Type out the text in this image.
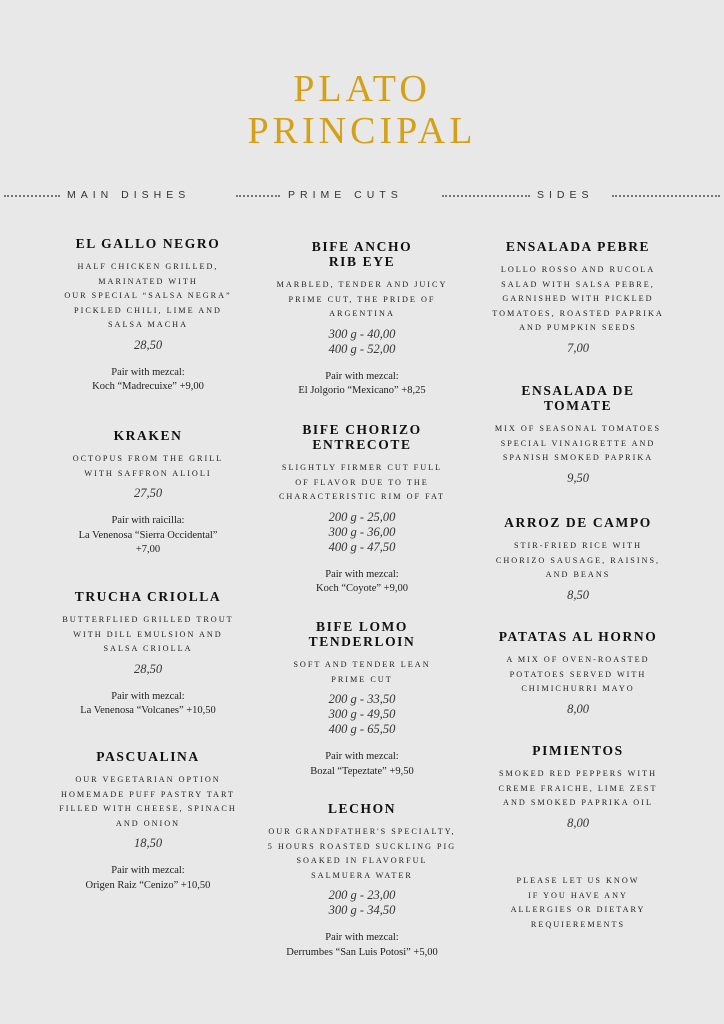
PLATO
PRINCIPAL
MAIN DISHES	PRIME CUTS	SIDES
EL GALLO NEGRO
HALF CHICKEN GRILLED,
MARINATED WITH
OUR SPECIAL “SALSA NEGRA”
PICKLED CHILI, LIME AND
SALSA MACHA
28,50
Pair with mezcal:
Koch “Madrecuixe” +9,00
KRAKEN
OCTOPUS FROM THE GRILL
WITH SAFFRON ALIOLI
27,50
Pair with raicilla:
La Venenosa “Sierra Occidental”
+7,00
TRUCHA CRIOLLA
BUTTERFLIED GRILLED TROUT
WITH DILL EMULSION AND
SALSA CRIOLLA
28,50
Pair with mezcal:
La Venenosa “Volcanes” +10,50
PASCUALINA
OUR VEGETARIAN OPTION
HOMEMADE PUFF PASTRY TART
FILLED WITH CHEESE, SPINACH
AND ONION
18,50
Pair with mezcal:
Origen Raiz “Cenizo” +10,50
BIFE ANCHO
RIB EYE
MARBLED, TENDER AND JUICY
PRIME CUT, THE PRIDE OF
ARGENTINA
300 g - 40,00
400 g - 52,00
Pair with mezcal:
El Jolgorio “Mexicano” +8,25
BIFE CHORIZO
ENTRECOTE
SLIGHTLY FIRMER CUT FULL
OF FLAVOR DUE TO THE
CHARACTERISTIC RIM OF FAT
200 g - 25,00
300 g - 36,00
400 g - 47,50
Pair with mezcal:
Koch “Coyote” +9,00
BIFE LOMO
TENDERLOIN
SOFT AND TENDER LEAN
PRIME CUT
200 g - 33,50
300 g - 49,50
400 g - 65,50
Pair with mezcal:
Bozal “Tepeztate” +9,50
LECHON
OUR GRANDFATHER'S SPECIALTY,
5 HOURS ROASTED SUCKLING PIG
SOAKED IN FLAVORFUL
SALMUERA WATER
200 g - 23,00
300 g - 34,50
Pair with mezcal:
Derrumbes “San Luis Potosi” +5,00
ENSALADA PEBRE
LOLLO ROSSO AND RUCOLA
SALAD WITH SALSA PEBRE,
GARNISHED WITH PICKLED
TOMATOES, ROASTED PAPRIKA
AND PUMPKIN SEEDS
7,00
ENSALADA DE
TOMATE
MIX OF SEASONAL TOMATOES
SPECIAL VINAIGRETTE AND
SPANISH SMOKED PAPRIKA
9,50
ARROZ DE CAMPO
STIR-FRIED RICE WITH
CHORIZO SAUSAGE, RAISINS,
AND BEANS
8,50
PATATAS AL HORNO
A MIX OF OVEN-ROASTED
POTATOES SERVED WITH
CHIMICHURRI MAYO
8,00
PIMIENTOS
SMOKED RED PEPPERS WITH
CREME FRAICHE, LIME ZEST
AND SMOKED PAPRIKA OIL
8,00
PLEASE LET US KNOW
IF YOU HAVE ANY
ALLERGIES OR DIETARY
REQUIEREMENTS
